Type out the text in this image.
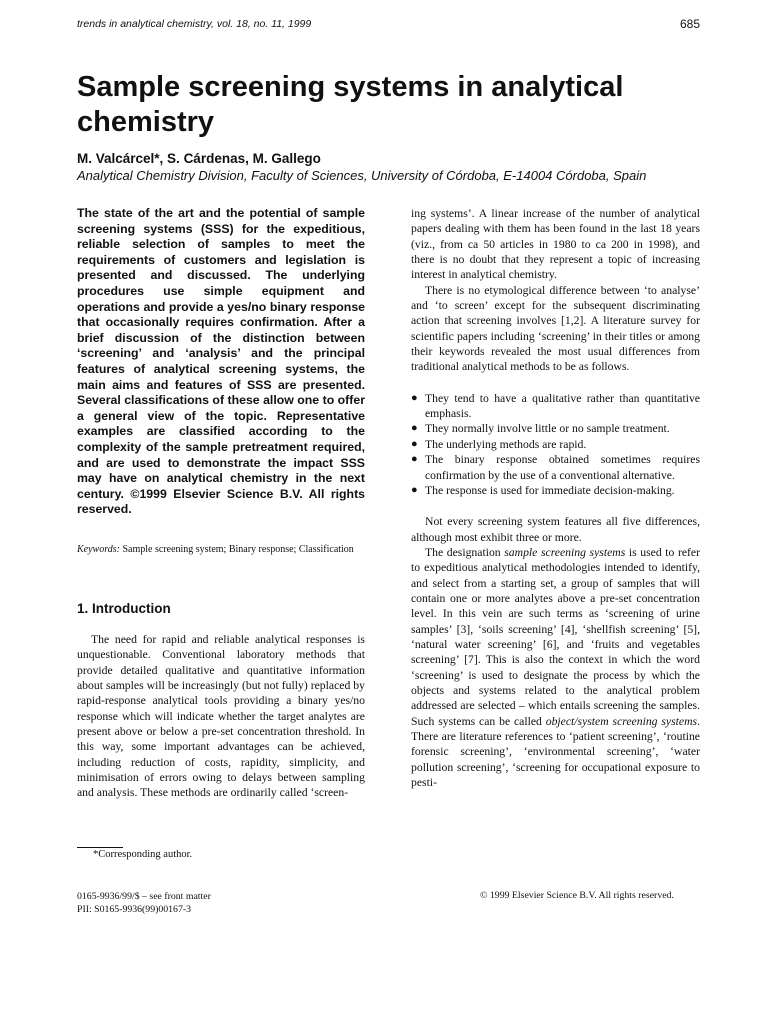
trends in analytical chemistry, vol. 18, no. 11, 1999	685
Sample screening systems in analytical chemistry
M. Valcárcel*, S. Cárdenas, M. Gallego
Analytical Chemistry Division, Faculty of Sciences, University of Córdoba, E-14004 Córdoba, Spain

The state of the art and the potential of sample screening systems (SSS) for the expeditious, reliable selection of samples to meet the requirements of customers and legislation is presented and discussed. The underlying procedures use simple equipment and operations and provide a yes/no binary response that occasionally requires confirmation. After a brief discussion of the distinction between ‘screening’ and ‘analysis’ and the principal features of analytical screening systems, the main aims and features of SSS are presented. Several classifications of these allow one to offer a general view of the topic. Representative examples are classified according to the complexity of the sample pretreatment required, and are used to demonstrate the impact SSS may have on analytical chemistry in the next century. ©1999 Elsevier Science B.V. All rights reserved.

Keywords: Sample screening system; Binary response; Classification
1. Introduction

The need for rapid and reliable analytical responses is unquestionable. Conventional laboratory methods that provide detailed qualitative and quantitative information about samples will be increasingly (but not fully) replaced by rapid-response analytical tools providing a binary yes/no response which will indicate whether the target analytes are present above or below a pre-set concentration threshold. In this way, some important advantages can be achieved, including reduction of costs, rapidity, simplicity, and minimisation of errors owing to delays between sampling and analysis. These methods are ordinarily called ‘screen-

*Corresponding author.

ing systems’. A linear increase of the number of analytical papers dealing with them has been found in the last 18 years (viz., from ca 50 articles in 1980 to ca 200 in 1998), and there is no doubt that they represent a topic of increasing interest in analytical chemistry.

There is no etymological difference between ‘to analyse’ and ‘to screen’ except for the subsequent discriminating action that screening involves [1,2]. A literature survey for scientific papers including ‘screening’ in their titles or among their keywords revealed the most usual differences from traditional analytical methods to be as follows.

● They tend to have a qualitative rather than quantitative emphasis.
● They normally involve little or no sample treatment.
● The underlying methods are rapid.
● The binary response obtained sometimes requires confirmation by the use of a conventional alternative.
● The response is used for immediate decision-making.

Not every screening system features all five differences, although most exhibit three or more.

The designation sample screening systems is used to refer to expeditious analytical methodologies intended to identify, and select from a starting set, a group of samples that will contain one or more analytes above a pre-set concentration level. In this vein are such terms as ‘screening of urine samples’ [3], ‘soils screening’ [4], ‘shellfish screening’ [5], ‘natural water screening’ [6], and ‘fruits and vegetables screening’ [7]. This is also the context in which the word ‘screening’ is used to designate the process by which the objects and systems related to the analytical problem addressed are selected – which entails screening the samples. Such systems can be called object/system screening systems. There are literature references to ‘patient screening’, ‘routine forensic screening’, ‘environmental screening’, ‘water pollution screening’, ‘screening for occupational exposure to pesti-

0165-9936/99/$ – see front matter
PII: S0165-9936(99)00167-3
© 1999 Elsevier Science B.V. All rights reserved.
